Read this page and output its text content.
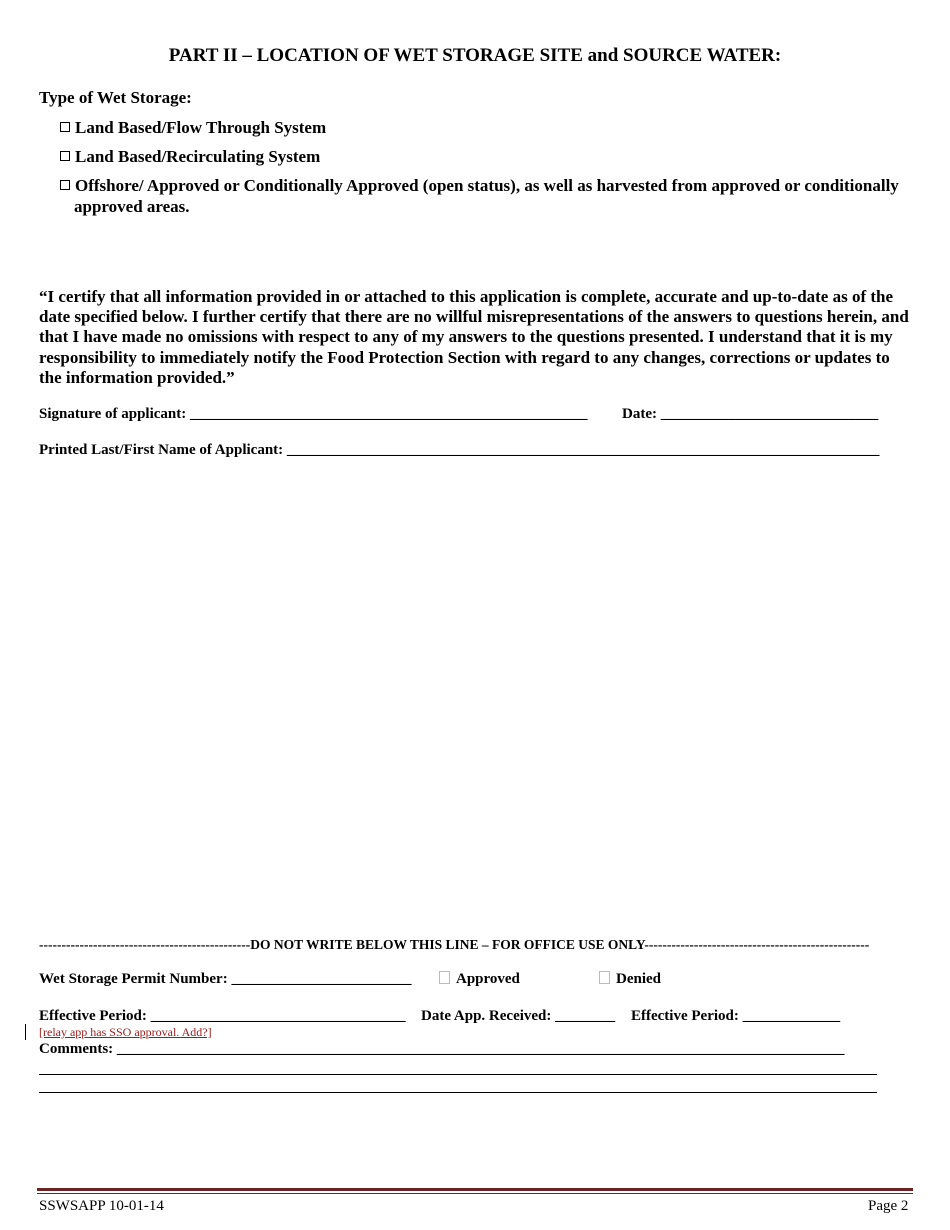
PART II – LOCATION OF WET STORAGE SITE and SOURCE WATER:
Type of Wet Storage:
Land Based/Flow Through System
Land Based/Recirculating System
Offshore/ Approved or Conditionally Approved (open status), as well as harvested from approved or conditionally
approved areas.
“I certify that all information provided in or attached to this application is complete, accurate and up-to-date as of the date specified below. I further certify that there are no willful misrepresentations of the answers to questions herein, and that I have made no omissions with respect to any of my answers to the questions presented. I understand that it is my responsibility to immediately notify the Food Protection Section with regard to any changes, corrections or updates to the information provided.”
Signature of applicant: _____________________________________________________ Date: _____________________________
Printed Last/First Name of Applicant: _______________________________________________________________________________
-----------------------------------------------DO NOT WRITE BELOW THIS LINE – FOR OFFICE USE ONLY--------------------------------------------------
Wet Storage Permit Number: ________________________	Approved	Denied
Effective Period: __________________________________ Date App. Received: ________ Effective Period: _____________
[relay app has SSO approval. Add?]
Comments: _________________________________________________________________________________________________
SSWSAPP 10-01-14	Page 2
